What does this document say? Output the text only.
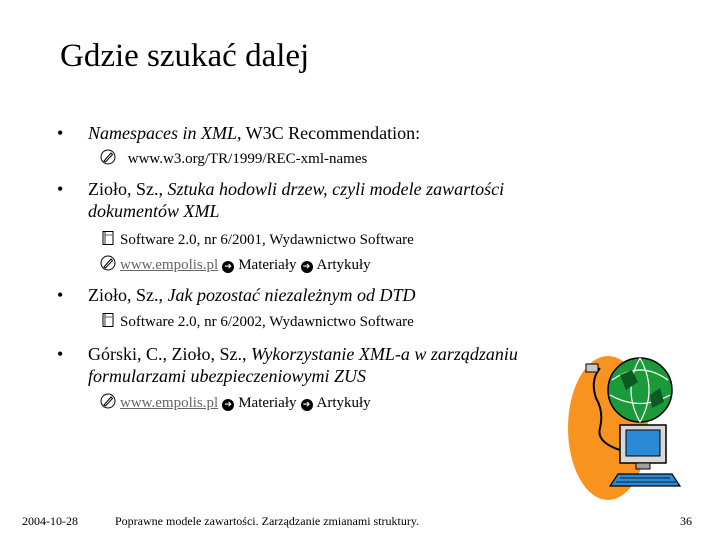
Gdzie szukać dalej
• Namespaces in XML, W3C Recommendation:
www.w3.org/TR/1999/REC-xml-names
• Zioło, Sz., Sztuka hodowli drzew, czyli modele zawartości dokumentów XML
Software 2.0, nr 6/2001, Wydawnictwo Software
www.empolis.pl ➔ Materiały ➔ Artykuły
• Zioło, Sz., Jak pozostać niezależnym od DTD
Software 2.0, nr 6/2002, Wydawnictwo Software
• Górski, C., Zioło, Sz., Wykorzystanie XML-a w zarządzaniu formularzami ubezpieczeniowymi ZUS
www.empolis.pl ➔ Materiały ➔ Artykuły
2004-10-28	Poprawne modele zawartości. Zarządzanie zmianami struktury.	36
